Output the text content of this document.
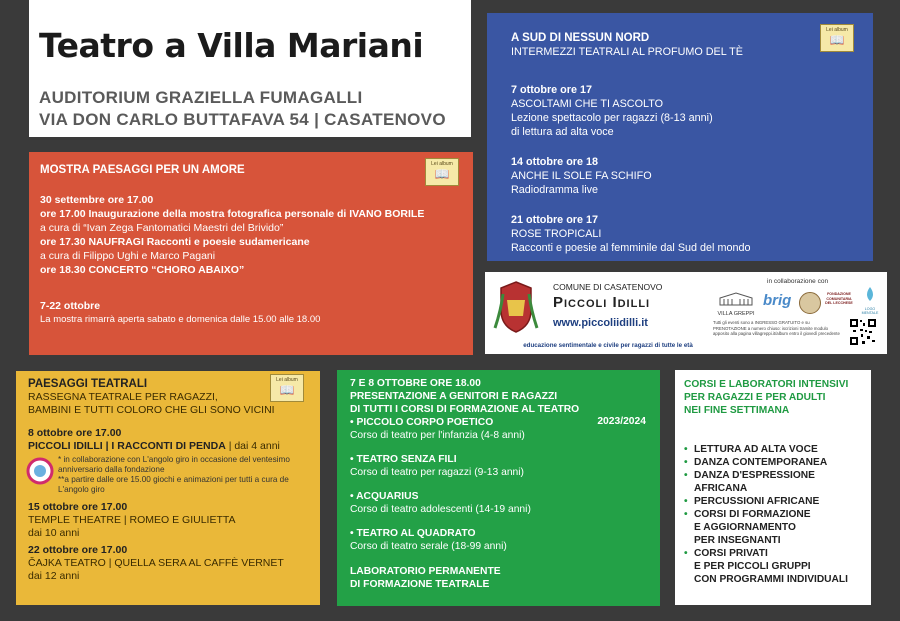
Teatro a Villa Mariani
AUDITORIUM GRAZIELLA FUMAGALLI
VIA DON CARLO BUTTAFAVA 54 | CASATENOVO
A SUD DI NESSUN NORD
INTERMEZZI TEATRALI AL PROFUMO DEL TÈ
7 ottobre ore 17
ASCOLTAMI CHE TI ASCOLTO
Lezione spettacolo per ragazzi (8-13 anni)
di lettura ad alta voce
14 ottobre ore 18
ANCHE IL SOLE FA SCHIFO
Radiodramma live
21 ottobre ore 17
ROSE TROPICALI
Racconti e poesie al femminile dal Sud del mondo
Lei album
📖
MOSTRA PAESAGGI PER UN AMORE
30 settembre ore 17.00
ore 17.00 Inaugurazione della mostra fotografica personale di IVANO BORILE
a cura di “Ivan Zega Fantomatici Maestri del Brivido”
ore 17.30 NAUFRAGI Racconti e poesie sudamericane
a cura di Filippo Ughi e Marco Pagani
ore 18.30 CONCERTO “CHORO ABAIXO”
7-22 ottobre
La mostra rimarrà aperta sabato e domenica dalle 15.00 alle 18.00
Lei album
📖
COMUNE DI CASATENOVO
Piccoli Idilli
www.piccoliidilli.it
educazione sentimentale e civile per ragazzi di tutte le età
in collaborazione con
VILLA GREPPI
brig	FONDAZIONE COMUNITARIA DEL LECCHESE
LOGO MENTALE
Tutti gli eventi sono a INGRESSO GRATUITO e su PRENOTAZIONE a numero chiuso: iscrizioni tramite modulo apposito alla pagina villagreppi.it/album entro il giovedì precedente
PAESAGGI TEATRALI
RASSEGNA TEATRALE PER RAGAZZI,
BAMBINI E TUTTI COLORO CHE GLI SONO VICINI
8 ottobre ore 17.00
PICCOLI IDILLI | I RACCONTI DI PENDA | dai 4 anni
* in collaborazione con L'angolo giro in occasione del ventesimo anniversario dalla fondazione
**a partire dalle ore 15.00 giochi e animazioni per tutti a cura de L'angolo giro
15 ottobre ore 17.00
TEMPLE THEATRE | ROMEO E GIULIETTA
dai 10 anni
22 ottobre ore 17.00
ČAJKA TEATRO | QUELLA SERA AL CAFFÈ VERNET
dai 12 anni
Lei album
📖	7 E 8 OTTOBRE ORE 18.00
PRESENTAZIONE A GENITORI E RAGAZZI
DI TUTTI I CORSI DI FORMAZIONE AL TEATRO
2023/2024
• PICCOLO CORPO POETICO
Corso di teatro per l'infanzia (4-8 anni)
• TEATRO SENZA FILI
Corso di teatro per ragazzi (9-13 anni)
• ACQUARIUS
Corso di teatro adolescenti (14-19 anni)
• TEATRO AL QUADRATO
Corso di teatro serale (18-99 anni)
LABORATORIO PERMANENTE
DI FORMAZIONE TEATRALE
CORSI E LABORATORI INTENSIVI
PER RAGAZZI E PER ADULTI
NEI FINE SETTIMANA
• LETTURA AD ALTA VOCE
• DANZA CONTEMPORANEA
• DANZA D'ESPRESSIONE
AFRICANA
• PERCUSSIONI AFRICANE
• CORSI DI FORMAZIONE
E AGGIORNAMENTO
PER INSEGNANTI
• CORSI PRIVATI
E PER PICCOLI GRUPPI
CON PROGRAMMI INDIVIDUALI
